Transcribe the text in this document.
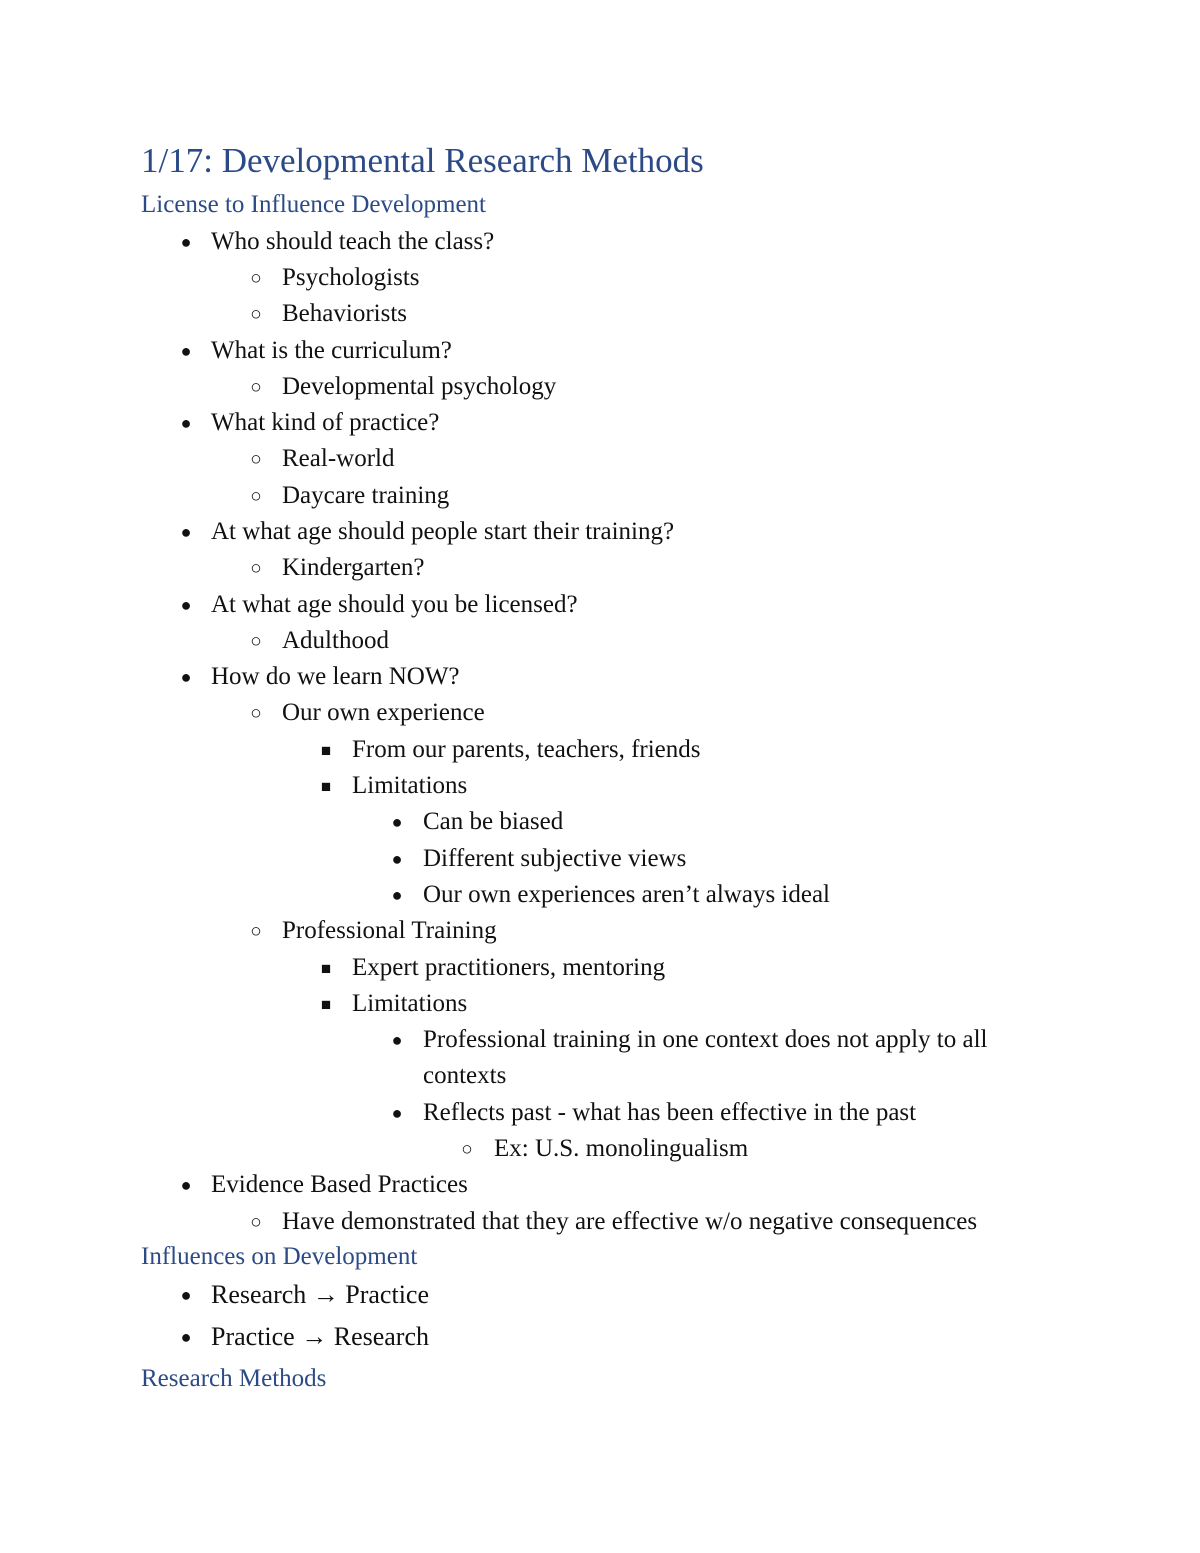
1/17: Developmental Research Methods
License to Influence Development
●
Who should teach the class?
○
Psychologists
○
Behaviorists
●
What is the curriculum?
○
Developmental psychology
●
What kind of practice?
○
Real-world
○
Daycare training
●
At what age should people start their training?
○
Kindergarten?
●
At what age should you be licensed?
○
Adulthood
●
How do we learn NOW?
○
Our own experience
■
From our parents, teachers, friends
■
Limitations
●
Can be biased
●
Different subjective views
●
Our own experiences aren’t always ideal
○
Professional Training
■
Expert practitioners, mentoring
■
Limitations
●
Professional training in one context does not apply to all
contexts
●
Reflects past - what has been effective in the past
○
Ex: U.S. monolingualism
●
Evidence Based Practices
○
Have demonstrated that they are effective w/o negative consequences
Influences on Development
●
Research → Practice
●
Practice → Research
Research Methods
